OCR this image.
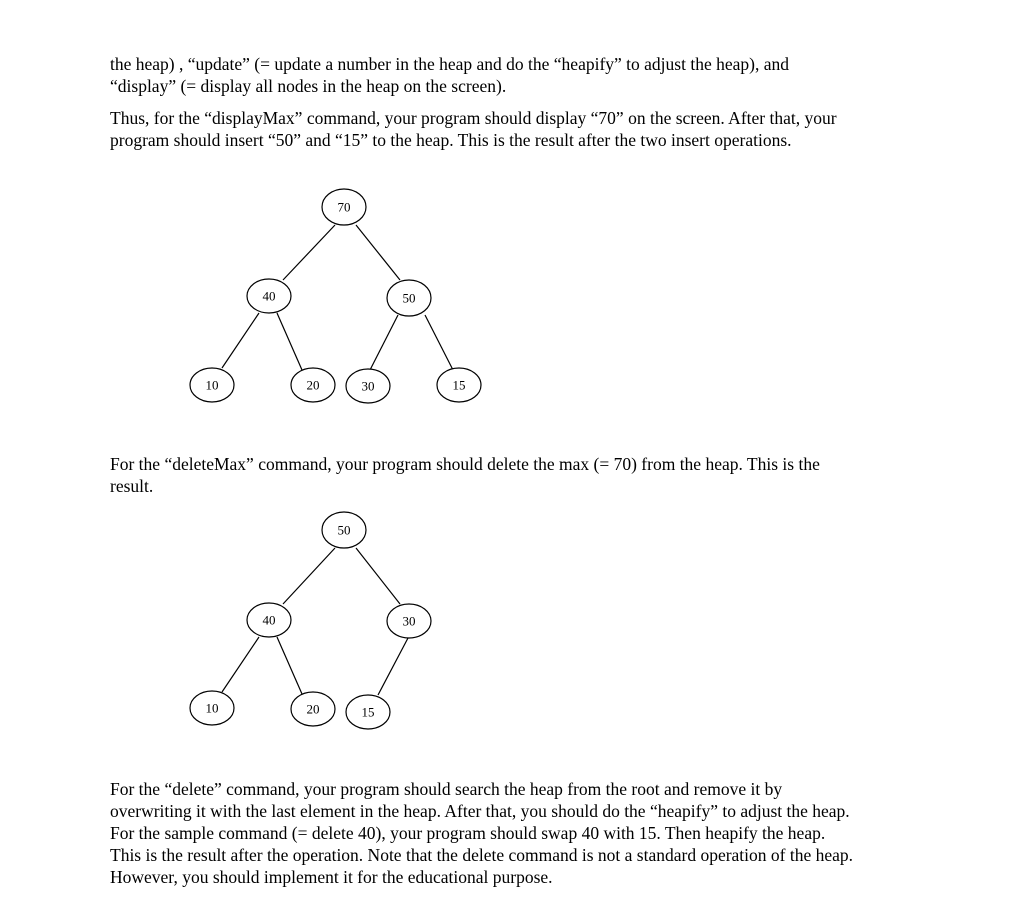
the heap) , “update” (= update a number in the heap and do the “heapify” to adjust the heap), and
“display” (= display all nodes in the heap on the screen).
Thus, for the “displayMax” command, your program should display “70” on the screen. After that, your
program should insert “50” and “15” to the heap. This is the result after the two insert operations.
70
40	50
10	20	30	15
For the “deleteMax” command, your program should delete the max (= 70) from the heap. This is the
result.
50
40	30
10	20	15
For the “delete” command, your program should search the heap from the root and remove it by
overwriting it with the last element in the heap. After that, you should do the “heapify” to adjust the heap.
For the sample command (= delete 40), your program should swap 40 with 15. Then heapify the heap.
This is the result after the operation. Note that the delete command is not a standard operation of the heap.
However, you should implement it for the educational purpose.
